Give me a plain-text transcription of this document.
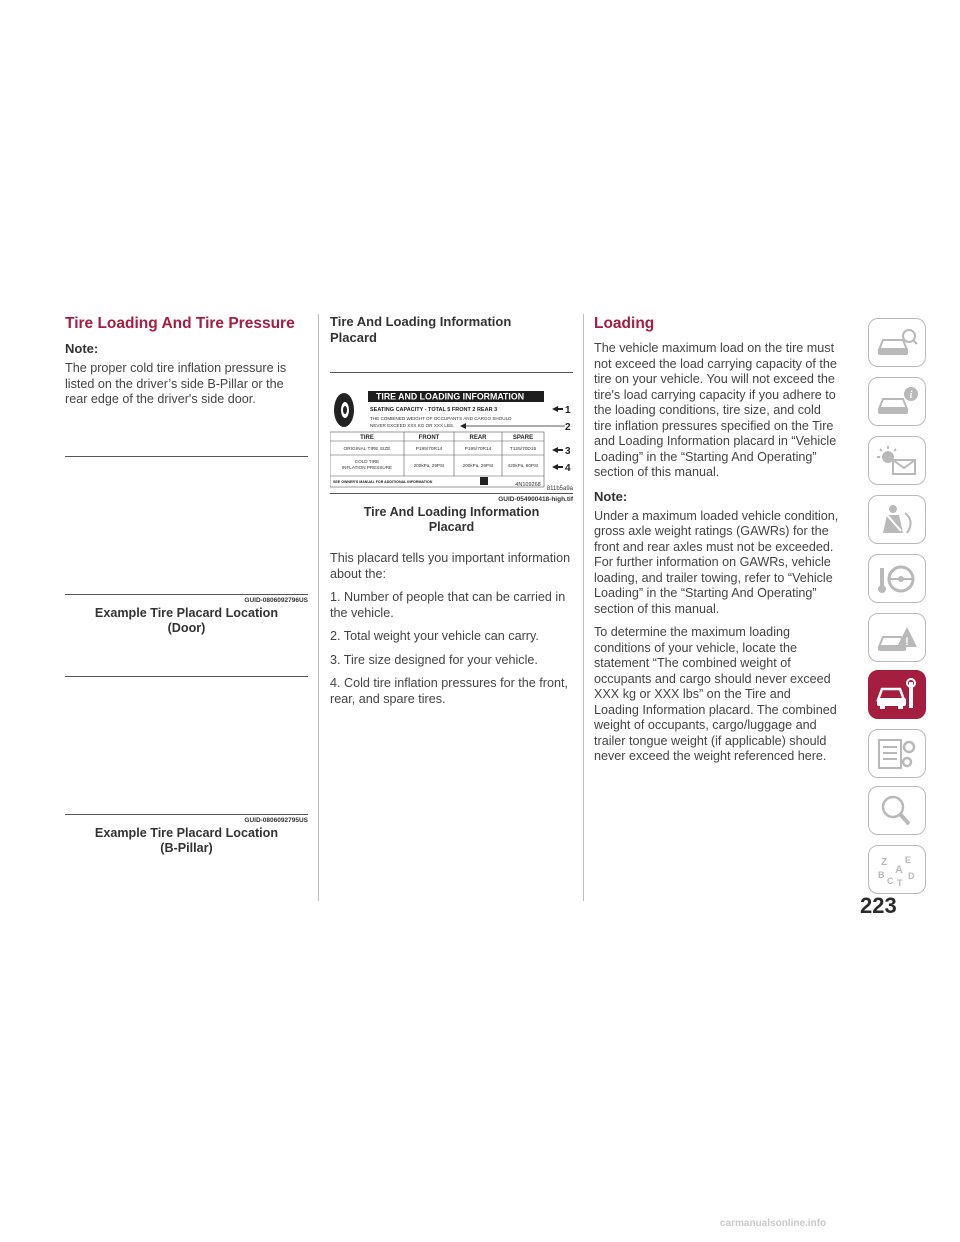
Tire Loading And Tire Pressure
Note:

The proper cold tire inflation pressure is listed on the driver’s side B-Pillar or the rear edge of the driver's side door.

GUID-0806092796US
Example Tire Placard Location
(Door)
GUID-0806092795US
Example Tire Placard Location
(B-Pillar)
Tire And Loading Information
Placard
TIRE AND LOADING INFORMATION
SEATING CAPACITY - TOTAL 5 FRONT 2 REAR 3
THE COMBINED WEIGHT OF OCCUPANTS AND CARGO SHOULD
NEVER EXCEED XXX KG OR XXX LBS.
TIRE	FRONT	REAR	SPARE
ORIGINAL TIRE SIZE	P195/70R14	P195/70R14	T125/70D15
COLD TIRE
INFLATION PRESSURE	200kPa, 29PSI	200kPa, 29PSI	420kPa, 60PSI
SEE OWNER'S MANUAL FOR ADDITIONAL INFORMATION	4N109268
1
2
3
4
811b5a9a
GUID-054900418-high.tif
Tire And Loading Information
Placard

This placard tells you important information about the:

1. Number of people that can be carried in the vehicle.

2. Total weight your vehicle can carry.

3. Tire size designed for your vehicle.

4. Cold tire inflation pressures for the front, rear, and spare tires.

Loading

The vehicle maximum load on the tire must not exceed the load carrying capacity of the tire on your vehicle. You will not exceed the tire's load carrying capacity if you adhere to the loading conditions, tire size, and cold tire inflation pressures specified on the Tire and Loading Information placard in “Vehicle Loading” in the “Starting And Operating” section of this manual.

Note:

Under a maximum loaded vehicle condition, gross axle weight ratings (GAWRs) for the front and rear axles must not be exceeded. For further information on GAWRs, vehicle loading, and trailer towing, refer to “Vehicle Loading” in the “Starting And Operating” section of this manual.

To determine the maximum loading conditions of your vehicle, locate the statement “The combined weight of occupants and cargo should never exceed XXX kg or XXX lbs” on the Tire and Loading Information placard. The combined weight of occupants, cargo/luggage and trailer tongue weight (if applicable) should never exceed the weight referenced here.

i
!
Z E
A
B	D
C T
223
carmanualsonline.info
